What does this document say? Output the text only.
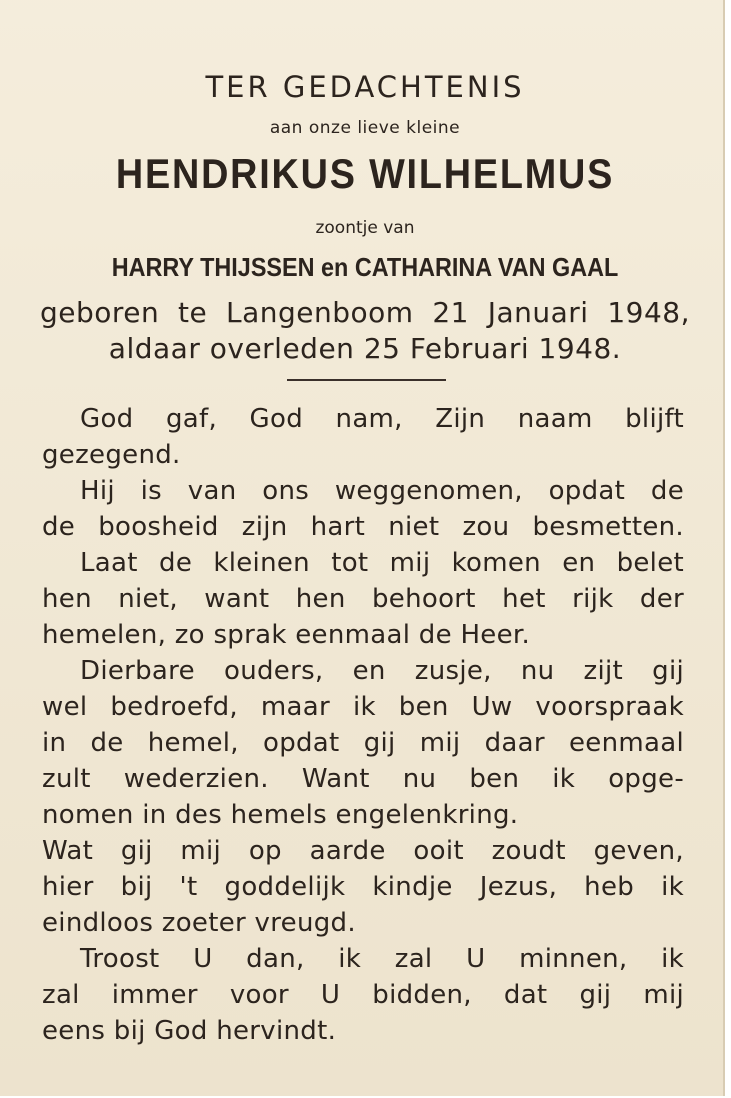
TER GEDACHTENIS
aan onze lieve kleine
HENDRIKUS WILHELMUS
zoontje van
HARRY THIJSSEN en CATHARINA VAN GAAL
geboren te Langenboom 21 Januari 1948,
aldaar overleden 25 Februari 1948.
God gaf, God nam, Zijn naam blijft
gezegend.
Hij is van ons weggenomen, opdat de
de boosheid zijn hart niet zou besmetten.
Laat de kleinen tot mij komen en belet
hen niet, want hen behoort het rijk der
hemelen, zo sprak eenmaal de Heer.
Dierbare ouders, en zusje, nu zijt gij
wel bedroefd, maar ik ben Uw voorspraak
in de hemel, opdat gij mij daar eenmaal
zult wederzien. Want nu ben ik opge-
nomen in des hemels engelenkring.
Wat gij mij op aarde ooit zoudt geven,
hier bij 't goddelijk kindje Jezus, heb ik
eindloos zoeter vreugd.
Troost U dan, ik zal U minnen, ik
zal immer voor U bidden, dat gij mij
eens bij God hervindt.
